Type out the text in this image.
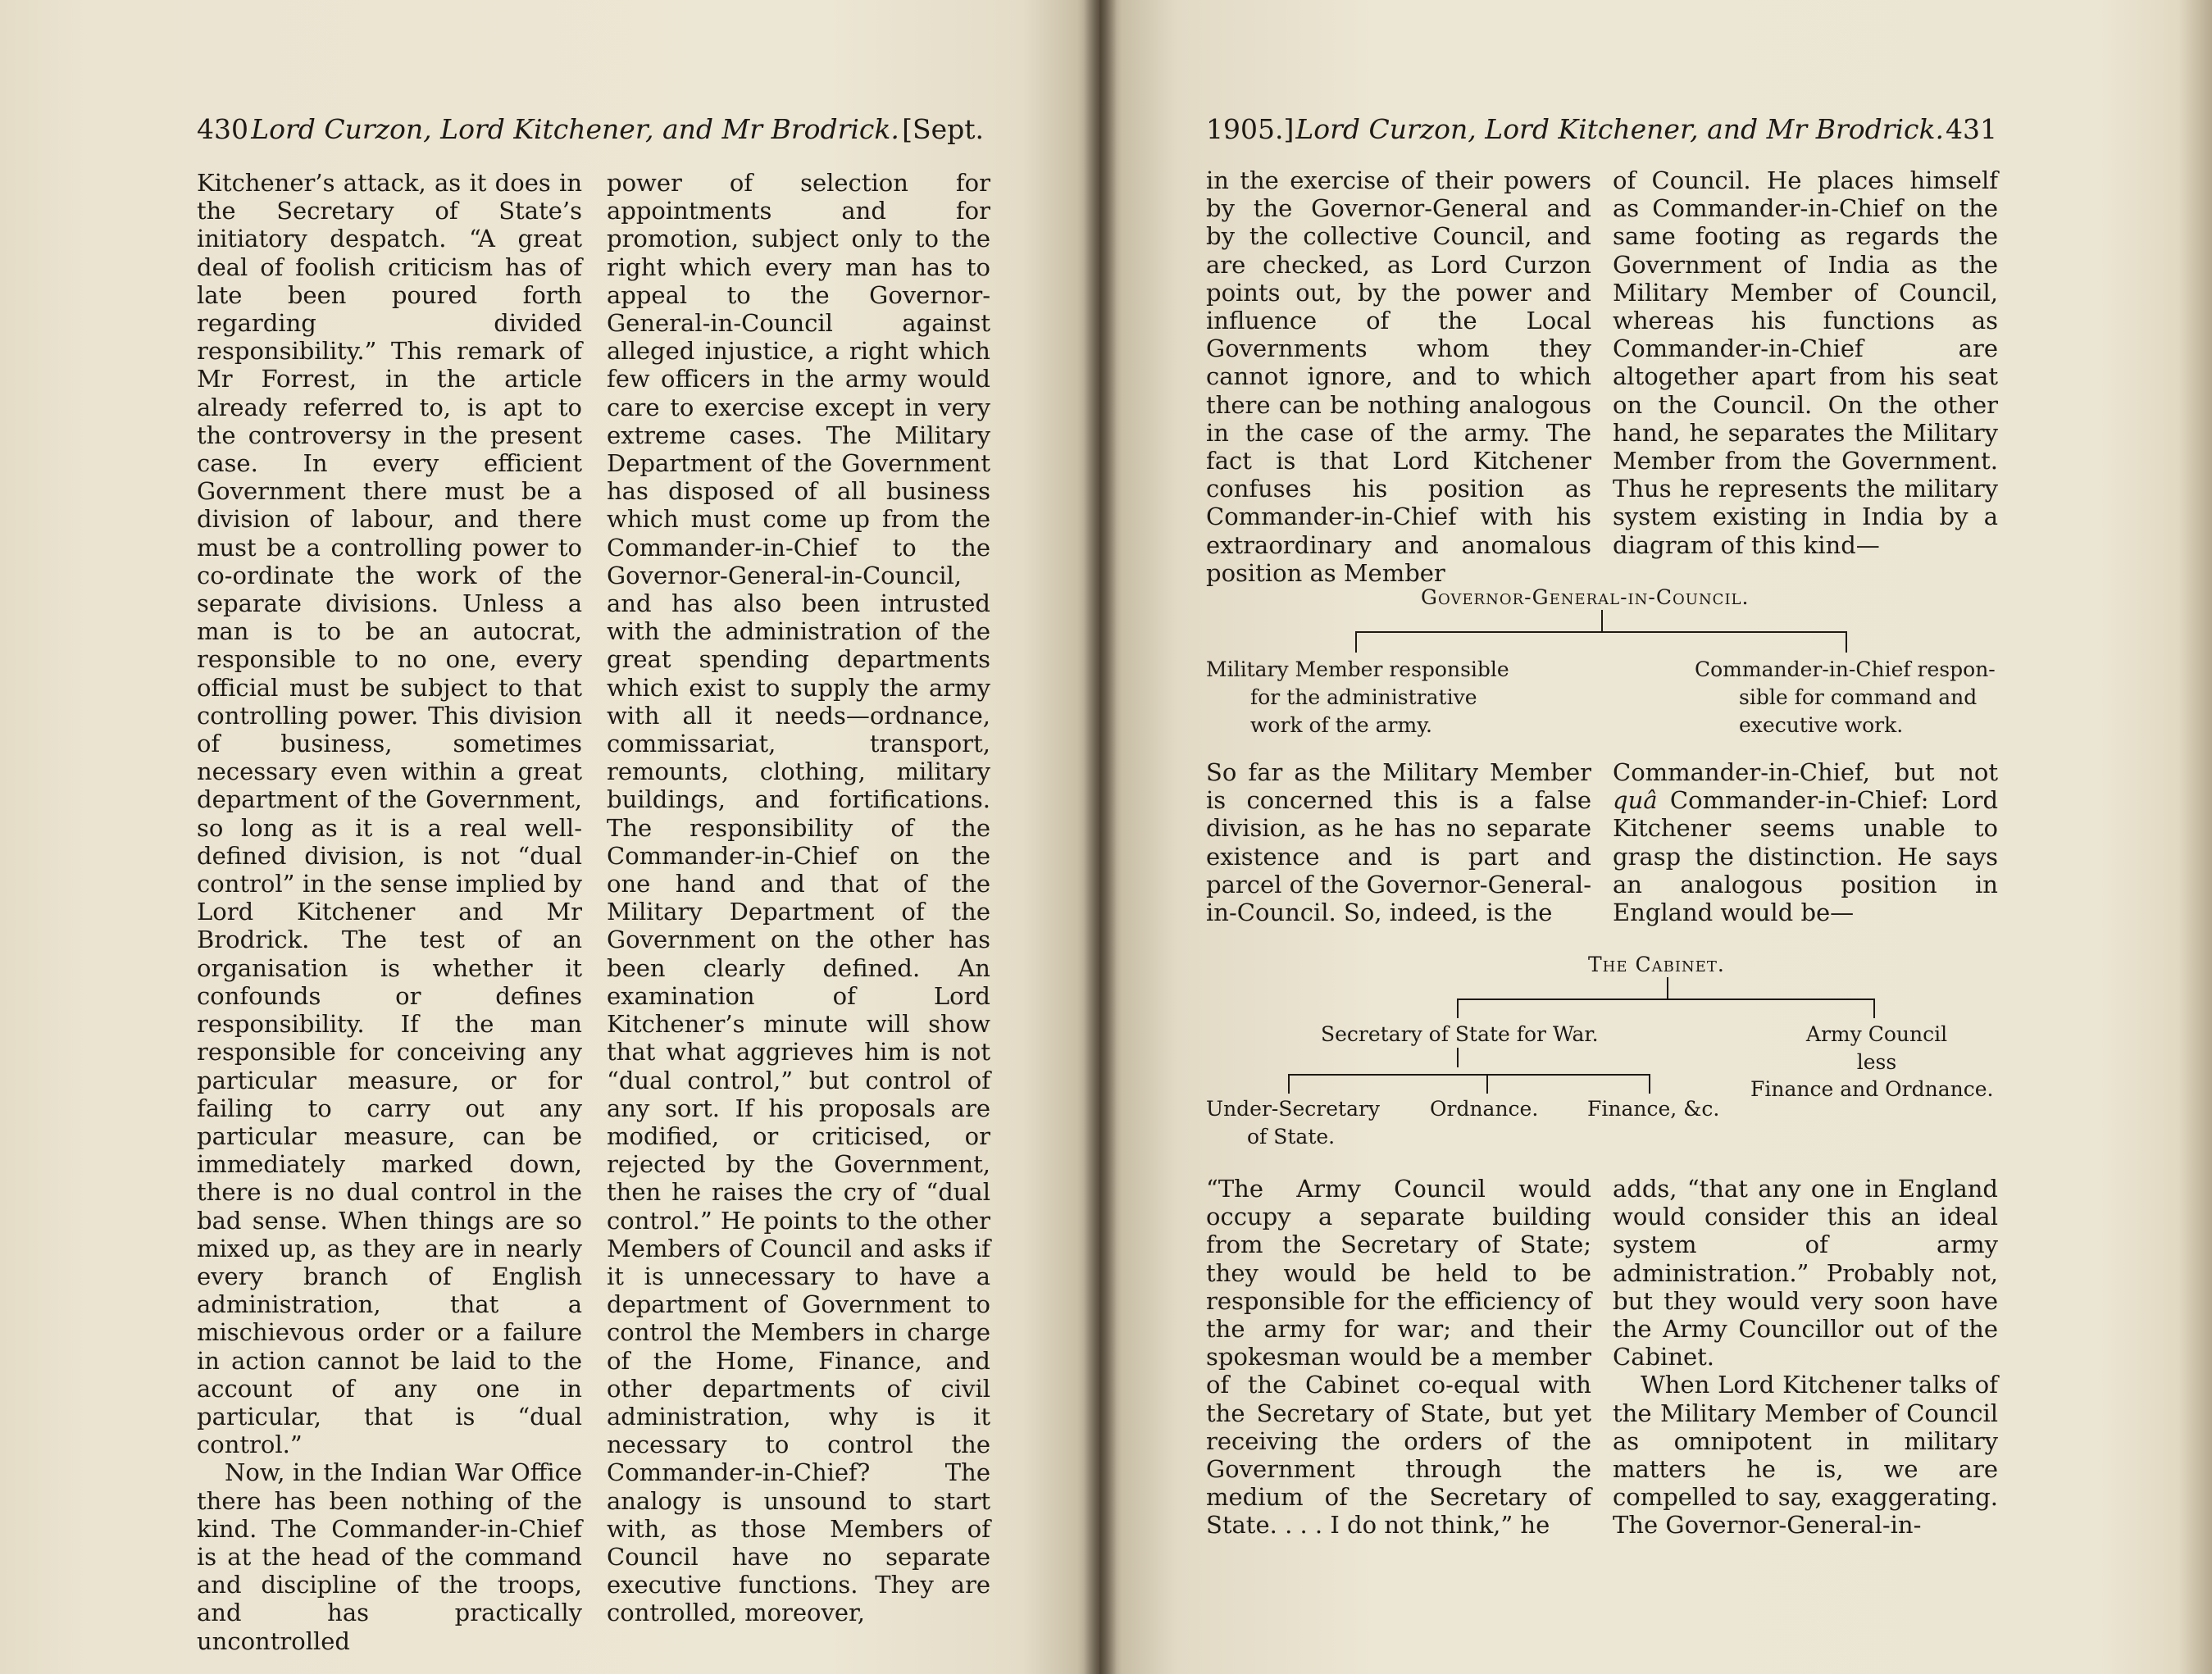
430 Lord Curzon, Lord Kitchener, and Mr Brodrick. [Sept.

Kitchener’s attack, as it does in the Secretary of State’s initiatory despatch. “A great deal of foolish criticism has of late been poured forth regarding divided responsibility.” This remark of Mr Forrest, in the article already referred to, is apt to the controversy in the present case. In every efficient Government there must be a division of labour, and there must be a controlling power to co-ordinate the work of the separate divisions. Unless a man is to be an autocrat, responsible to no one, every official must be subject to that controlling power. This division of business, sometimes necessary even within a great department of the Government, so long as it is a real well-defined division, is not “dual control” in the sense implied by Lord Kitchener and Mr Brodrick. The test of an organisation is whether it confounds or defines responsibility. If the man responsible for conceiving any particular measure, or for failing to carry out any particular measure, can be immediately marked down, there is no dual control in the bad sense. When things are so mixed up, as they are in nearly every branch of English administration, that a mischievous order or a failure in action cannot be laid to the account of any one in particular, that is “dual control.”

Now, in the Indian War Office there has been nothing of the kind. The Commander-in-Chief is at the head of the command and discipline of the troops, and has practically uncontrolled

power of selection for appointments and for promotion, subject only to the right which every man has to appeal to the Governor-General-in-Council against alleged injustice, a right which few officers in the army would care to exercise except in very extreme cases. The Military Department of the Government has disposed of all business which must come up from the Commander-in-Chief to the Governor-General-in-Council, and has also been intrusted with the administration of the great spending departments which exist to supply the army with all it needs—ordnance, commissariat, transport, remounts, clothing, military buildings, and fortifications. The responsibility of the Commander-in-Chief on the one hand and that of the Military Department of the Government on the other has been clearly defined. An examination of Lord Kitchener’s minute will show that what aggrieves him is not “dual control,” but control of any sort. If his proposals are modified, or criticised, or rejected by the Government, then he raises the cry of “dual control.” He points to the other Members of Council and asks if it is unnecessary to have a department of Government to control the Members in charge of the Home, Finance, and other departments of civil administration, why is it necessary to control the Commander-in-Chief? The analogy is unsound to start with, as those Members of Council have no separate executive functions. They are controlled, moreover,

1905.] Lord Curzon, Lord Kitchener, and Mr Brodrick. 431

in the exercise of their powers by the Governor-General and by the collective Council, and are checked, as Lord Curzon points out, by the power and influence of the Local Governments whom they cannot ignore, and to which there can be nothing analogous in the case of the army. The fact is that Lord Kitchener confuses his position as Commander-in-Chief with his extraordinary and anomalous position as Member

of Council. He places himself as Commander-in-Chief on the same footing as regards the Government of India as the Military Member of Council, whereas his functions as Commander-in-Chief are altogether apart from his seat on the Council. On the other hand, he separates the Military Member from the Government. Thus he represents the military system existing in India by a diagram of this kind—

Governor-General-in-Council.
Military Member responsible
for the administrative
work of the army.
Commander-in-Chief respon-
sible for command and
executive work.

So far as the Military Member is concerned this is a false division, as he has no separate existence and is part and parcel of the Governor-General-in-Council. So, indeed, is the

Commander-in-Chief, but not quâ Commander-in-Chief: Lord Kitchener seems unable to grasp the distinction. He says an analogous position in England would be—

The Cabinet.
Secretary of State for War.	Army Council
less
Finance and Ordnance.
Under-Secretary
of State.
Ordnance. Finance, &c.

“The Army Council would occupy a separate building from the Secretary of State; they would be held to be responsible for the efficiency of the army for war; and their spokesman would be a member of the Cabinet co-equal with the Secretary of State, but yet receiving the orders of the Government through the medium of the Secretary of State. . . . I do not think,” he

adds, “that any one in England would consider this an ideal system of army administration.” Probably not, but they would very soon have the Army Councillor out of the Cabinet.

When Lord Kitchener talks of the Military Member of Council as omnipotent in military matters he is, we are compelled to say, exaggerating. The Governor-General-in-
